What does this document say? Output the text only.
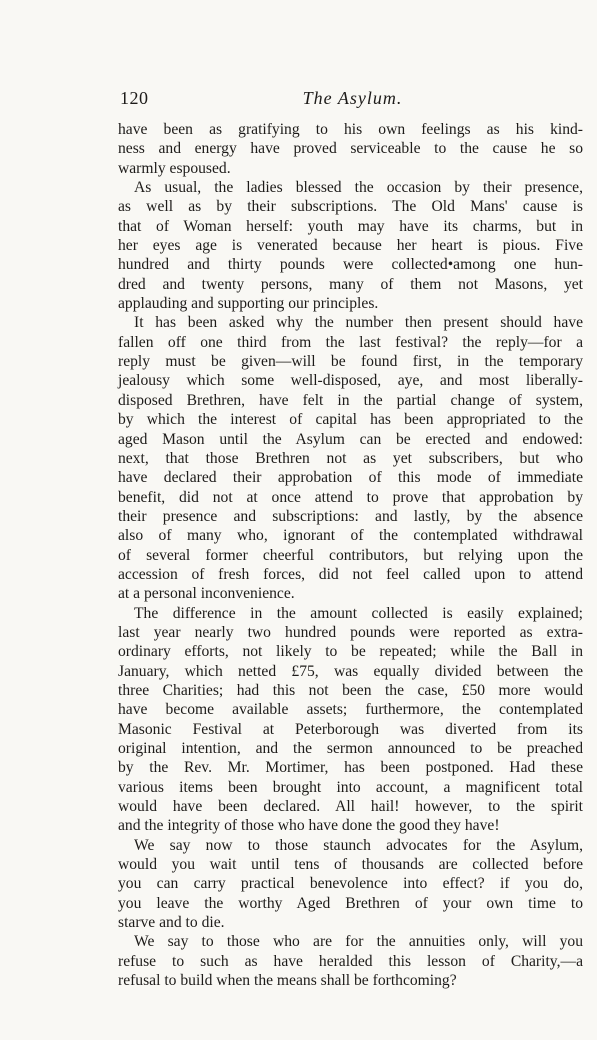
120	The Asylum.

have been as gratifying to his own feelings as his kind-
ness and energy have proved serviceable to the cause he so
warmly espoused.

As usual, the ladies blessed the occasion by their presence,
as well as by their subscriptions. The Old Mans' cause is
that of Woman herself: youth may have its charms, but in
her eyes age is venerated because her heart is pious. Five
hundred and thirty pounds were collected•among one hun-
dred and twenty persons, many of them not Masons, yet
applauding and supporting our principles.

It has been asked why the number then present should have
fallen off one third from the last festival? the reply—for a
reply must be given—will be found first, in the temporary
jealousy which some well-disposed, aye, and most liberally-
disposed Brethren, have felt in the partial change of system,
by which the interest of capital has been appropriated to the
aged Mason until the Asylum can be erected and endowed:
next, that those Brethren not as yet subscribers, but who
have declared their approbation of this mode of immediate
benefit, did not at once attend to prove that approbation by
their presence and subscriptions: and lastly, by the absence
also of many who, ignorant of the contemplated withdrawal
of several former cheerful contributors, but relying upon the
accession of fresh forces, did not feel called upon to attend
at a personal inconvenience.

The difference in the amount collected is easily explained;
last year nearly two hundred pounds were reported as extra-
ordinary efforts, not likely to be repeated; while the Ball in
January, which netted £75, was equally divided between the
three Charities; had this not been the case, £50 more would
have become available assets; furthermore, the contemplated
Masonic Festival at Peterborough was diverted from its
original intention, and the sermon announced to be preached
by the Rev. Mr. Mortimer, has been postponed. Had these
various items been brought into account, a magnificent total
would have been declared. All hail! however, to the spirit
and the integrity of those who have done the good they have!

We say now to those staunch advocates for the Asylum,
would you wait until tens of thousands are collected before
you can carry practical benevolence into effect? if you do,
you leave the worthy Aged Brethren of your own time to
starve and to die.

We say to those who are for the annuities only, will you
refuse to such as have heralded this lesson of Charity,—a
refusal to build when the means shall be forthcoming?
